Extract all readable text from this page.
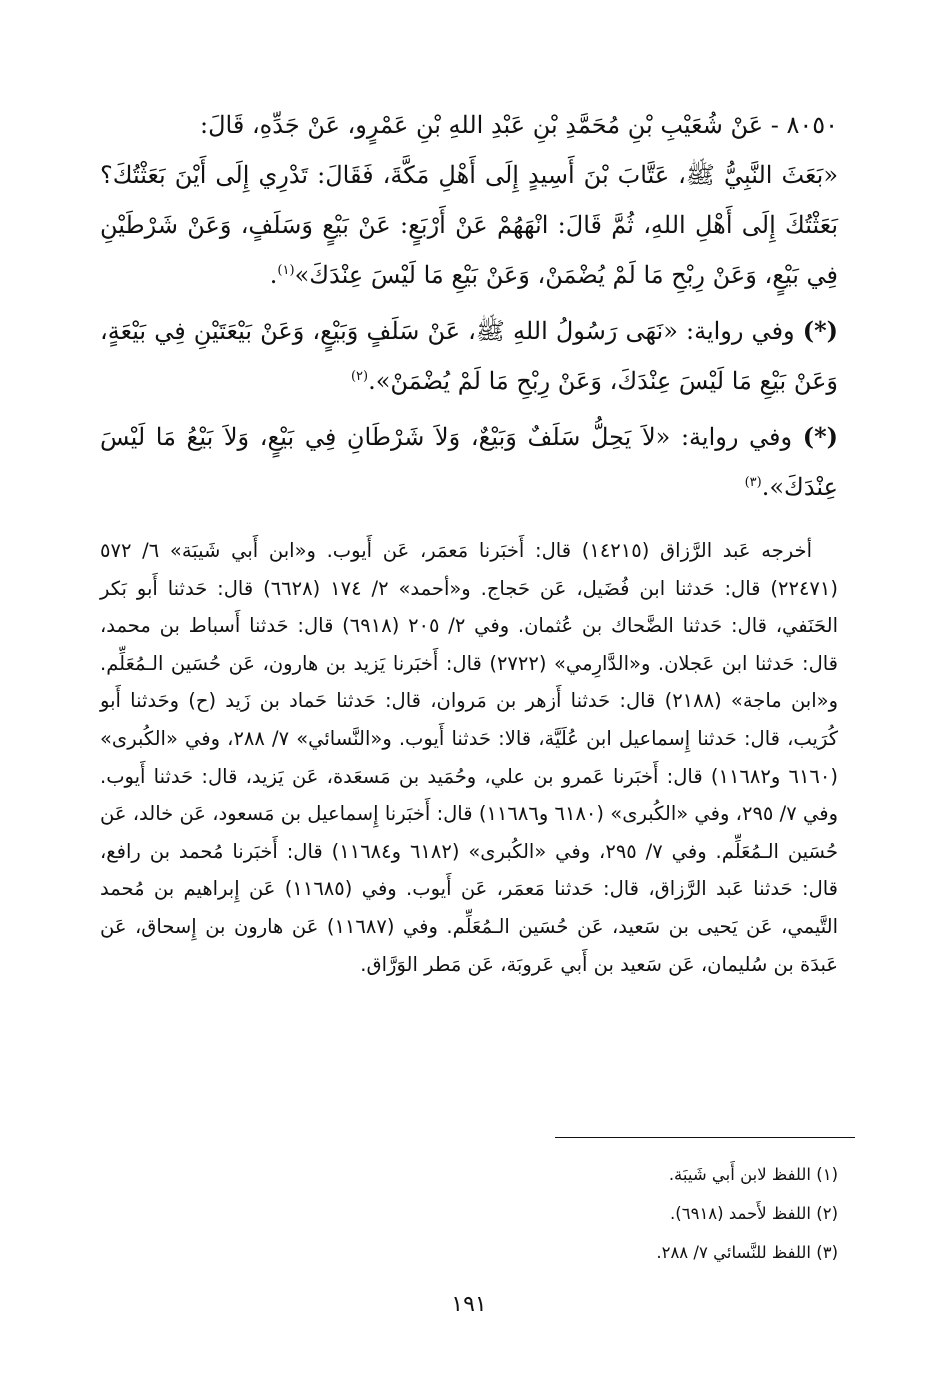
٨٠٥٠ - عَنْ شُعَيْبِ بْنِ مُحَمَّدِ بْنِ عَبْدِ اللهِ بْنِ عَمْرٍو، عَنْ جَدِّهِ، قَالَ:

«بَعَثَ النَّبِيُّ ﷺ، عَتَّابَ بْنَ أَسِيدٍ إِلَى أَهْلِ مَكَّةَ، فَقَالَ: تَدْرِي إِلَى أَيْنَ بَعَثْتُكَ؟ بَعَثْتُكَ إِلَى أَهْلِ اللهِ، ثُمَّ قَالَ: انْهَهُمْ عَنْ أَرْبَعٍ: عَنْ بَيْعٍ وَسَلَفٍ، وَعَنْ شَرْطَيْنِ فِي بَيْعٍ، وَعَنْ رِبْحِ مَا لَمْ يُضْمَنْ، وَعَنْ بَيْعِ مَا لَيْسَ عِنْدَكَ»$^{(١)}$.

(*) وفي رواية: «نَهَى رَسُولُ اللهِ ﷺ، عَنْ سَلَفٍ وَبَيْعٍ، وَعَنْ بَيْعَتَيْنِ فِي بَيْعَةٍ، وَعَنْ بَيْعِ مَا لَيْسَ عِنْدَكَ، وَعَنْ رِبْحِ مَا لَمْ يُضْمَنْ».$^{(٢)}$

(*) وفي رواية: «لاَ يَحِلُّ سَلَفٌ وَبَيْعٌ، وَلاَ شَرْطَانِ فِي بَيْعٍ، وَلاَ بَيْعُ مَا لَيْسَ عِنْدَكَ».$^{(٣)}$

أخرجه عَبد الرَّزاق (١٤٢١٥) قال: أَخبَرنا مَعمَر، عَن أَيوب. و«ابن أَبي شَيبَة» ٦/ ٥٧٢ (٢٢٤٧١) قال: حَدثنا ابن فُضَيل، عَن حَجاج. و«أحمد» ٢/ ١٧٤ (٦٦٢٨) قال: حَدثنا أَبو بَكر الحَنَفي، قال: حَدثنا الضَّحاك بن عُثمان. وفي ٢/ ٢٠٥ (٦٩١٨) قال: حَدثنا أَسباط بن محمد، قال: حَدثنا ابن عَجلان. و«الدَّارِمي» (٢٧٢٢) قال: أَخبَرنا يَزيد بن هارون، عَن حُسَين الـمُعَلِّم. و«ابن ماجة» (٢١٨٨) قال: حَدثنا أَزهر بن مَروان، قال: حَدثنا حَماد بن زَيد (ح) وحَدثنا أَبو كُرَيب، قال: حَدثنا إِسماعيل ابن عُلَيَّة، قالا: حَدثنا أَيوب. و«النَّسائي» ٧/ ٢٨٨، وفي «الكُبرى» (٦١٦٠ و١١٦٨٢) قال: أَخبَرنا عَمرو بن علي، وحُمَيد بن مَسعَدة، عَن يَزيد، قال: حَدثنا أَيوب. وفي ٧/ ٢٩٥، وفي «الكُبرى» (٦١٨٠ و١١٦٨٦) قال: أَخبَرنا إِسماعيل بن مَسعود، عَن خالد، عَن حُسَين الـمُعَلِّم. وفي ٧/ ٢٩٥، وفي «الكُبرى» (٦١٨٢ و١١٦٨٤) قال: أَخبَرنا مُحمد بن رافع، قال: حَدثنا عَبد الرَّزاق، قال: حَدثنا مَعمَر، عَن أَيوب. وفي (١١٦٨٥) عَن إِبراهيم بن مُحمد التَّيمي، عَن يَحيى بن سَعيد، عَن حُسَين الـمُعَلِّم. وفي (١١٦٨٧) عَن هارون بن إِسحاق، عَن عَبدَة بن سُليمان، عَن سَعيد بن أَبي عَروبَة، عَن مَطر الوَرَّاق.

(١) اللفظ لابن أَبي شَيبَة.

(٢) اللفظ لأَحمد (٦٩١٨).

(٣) اللفظ للنَّسائي ٧/ ٢٨٨.

١٩١
